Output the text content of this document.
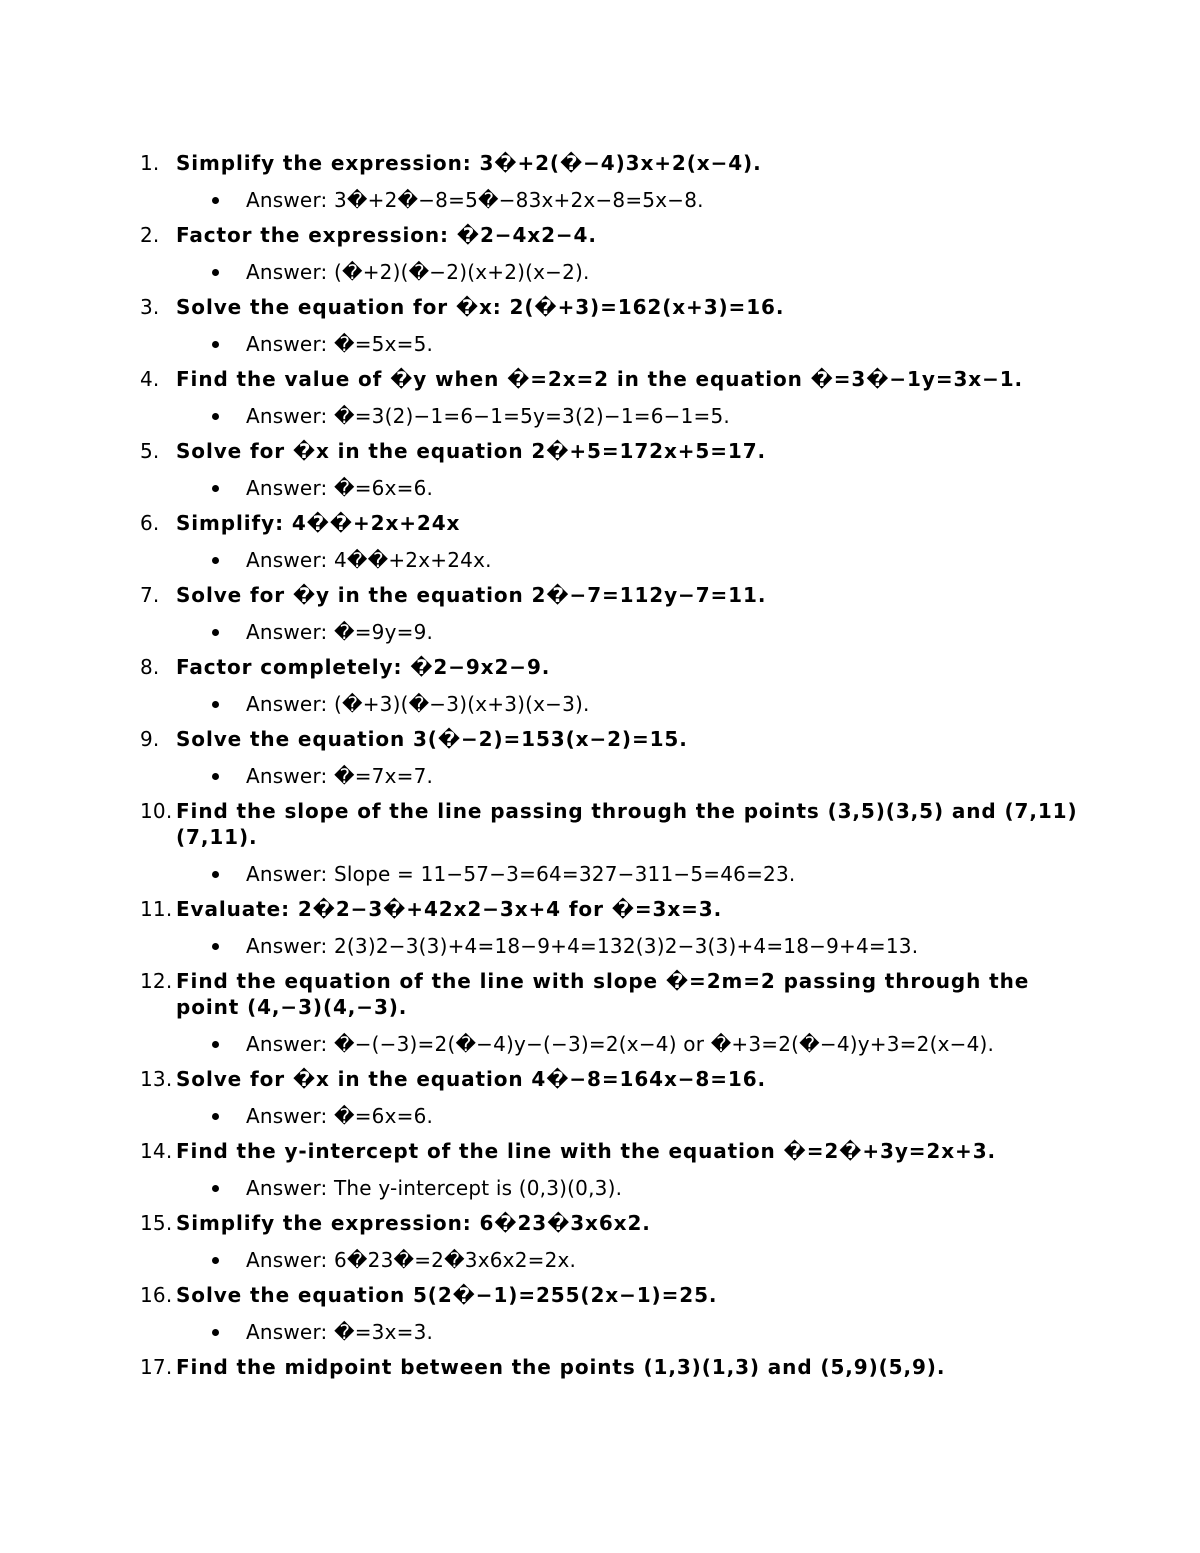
1. Simplify the expression: 3�+2(�−4)3x+2(x−4).
Answer: 3�+2�−8=5�−83x+2x−8=5x−8.
2. Factor the expression: �2−4x2−4.
Answer: (�+2)(�−2)(x+2)(x−2).
3. Solve the equation for �x: 2(�+3)=162(x+3)=16.
Answer: �=5x=5.
4. Find the value of �y when �=2x=2 in the equation �=3�−1y=3x−1.
Answer: �=3(2)−1=6−1=5y=3(2)−1=6−1=5.
5. Solve for �x in the equation 2�+5=172x+5=17.
Answer: �=6x=6.
6. Simplify: 4��+2x+24x
Answer: 4��+2x+24x.
7. Solve for �y in the equation 2�−7=112y−7=11.
Answer: �=9y=9.
8. Factor completely: �2−9x2−9.
Answer: (�+3)(�−3)(x+3)(x−3).
9. Solve the equation 3(�−2)=153(x−2)=15.
Answer: �=7x=7.
10. Find the slope of the line passing through the points (3,5)(3,5) and (7,11)(7,11).
Answer: Slope = 11−57−3=64=327−311−5=46=23.
11. Evaluate: 2�2−3�+42x2−3x+4 for �=3x=3.
Answer: 2(3)2−3(3)+4=18−9+4=132(3)2−3(3)+4=18−9+4=13.
12. Find the equation of the line with slope �=2m=2 passing through the point (4,−3)(4,−3).
Answer: �−(−3)=2(�−4)y−(−3)=2(x−4) or �+3=2(�−4)y+3=2(x−4).
13. Solve for �x in the equation 4�−8=164x−8=16.
Answer: �=6x=6.
14. Find the y-intercept of the line with the equation �=2�+3y=2x+3.
Answer: The y-intercept is (0,3)(0,3).
15. Simplify the expression: 6�23�3x6x2.
Answer: 6�23�=2�3x6x2=2x.
16. Solve the equation 5(2�−1)=255(2x−1)=25.
Answer: �=3x=3.
17. Find the midpoint between the points (1,3)(1,3) and (5,9)(5,9).
